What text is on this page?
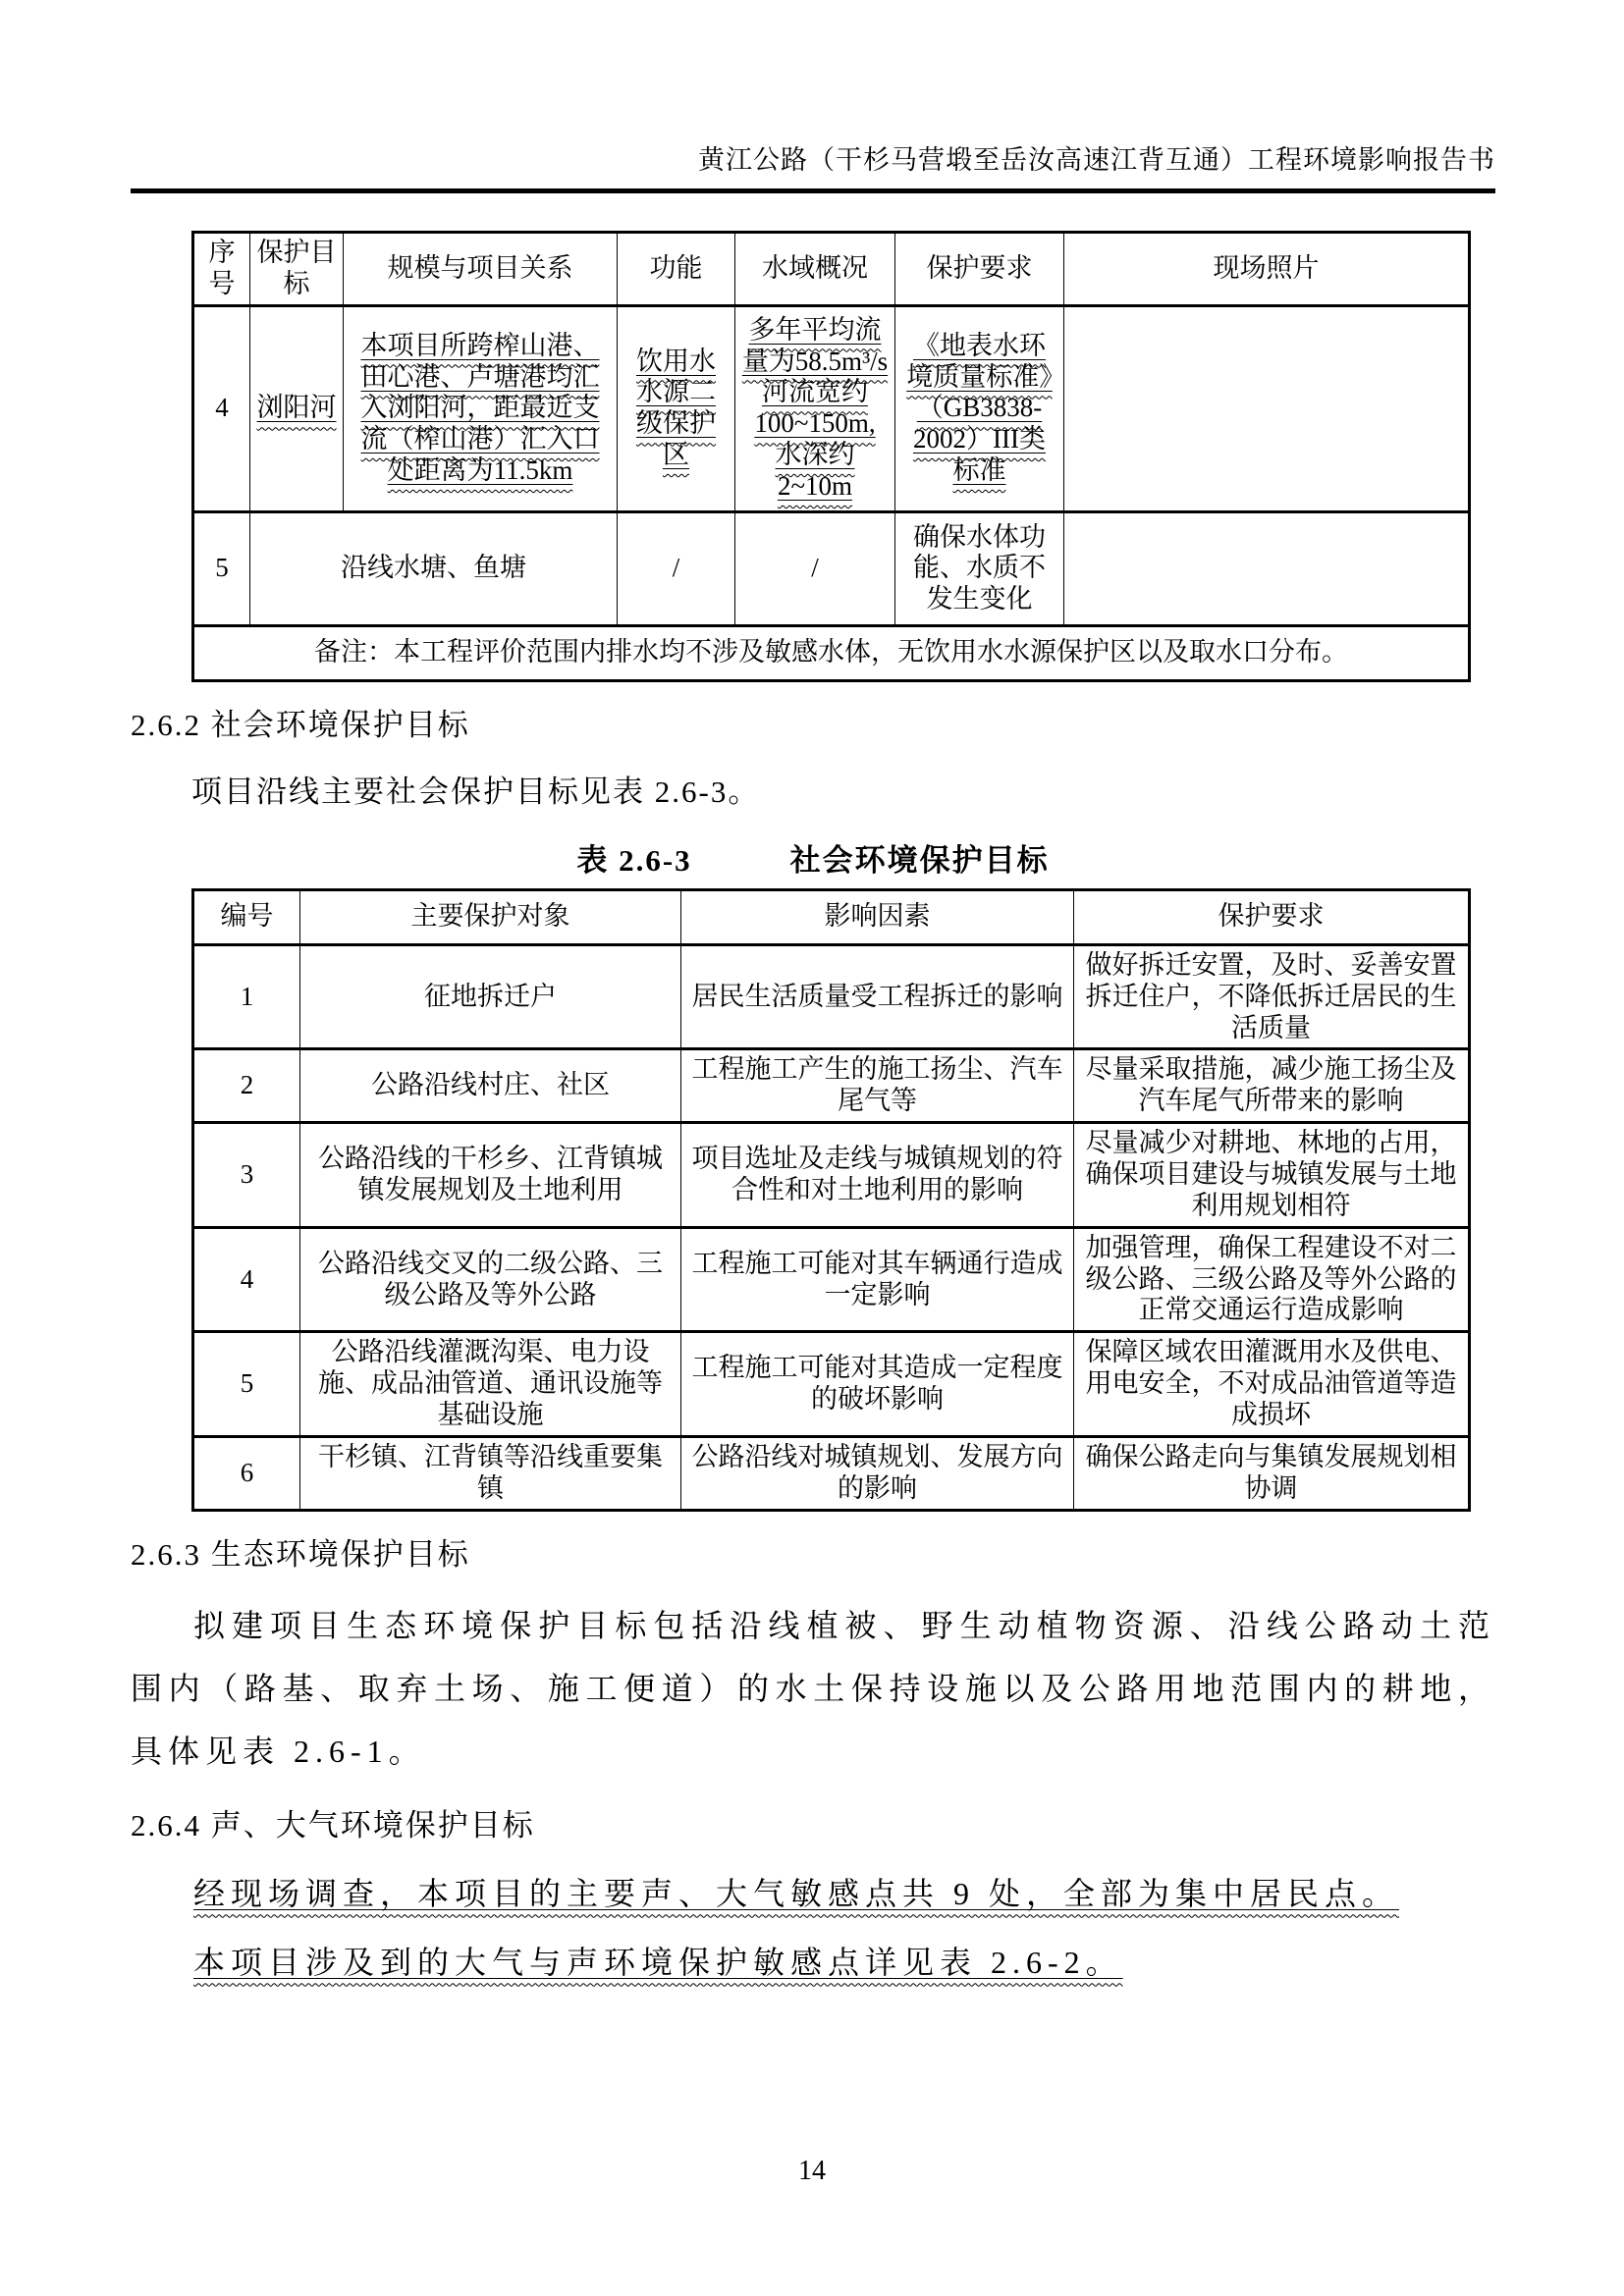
黄江公路（干杉马营塅至岳汝高速江背互通）工程环境影响报告书
序号	保护目标	规模与项目关系	功能	水域概况	保护要求	现场照片
4	浏阳河	本项目所跨榨山港、田心港、卢塘港均汇入浏阳河，距最近支流（榨山港）汇入口处距离为11.5km	饮用水水源二级保护区	多年平均流量为58.5m³/s河流宽约100~150m,水深约2~10m	《地表水环境质量标准》（GB3838-2002）III类标准	
5	沿线水塘、鱼塘		/	/	确保水体功能、水质不发生变化	
备注：本工程评价范围内排水均不涉及敏感水体，无饮用水水源保护区以及取水口分布。						
2.6.2 社会环境保护目标
项目沿线主要社会保护目标见表 2.6-3。
表 2.6-3	社会环境保护目标
编号	主要保护对象	影响因素	保护要求
1	征地拆迁户	居民生活质量受工程拆迁的影响	做好拆迁安置，及时、妥善安置拆迁住户，不降低拆迁居民的生活质量
2	公路沿线村庄、社区	工程施工产生的施工扬尘、汽车尾气等	尽量采取措施，减少施工扬尘及汽车尾气所带来的影响
3	公路沿线的干杉乡、江背镇城镇发展规划及土地利用	项目选址及走线与城镇规划的符合性和对土地利用的影响	尽量减少对耕地、林地的占用，确保项目建设与城镇发展与土地利用规划相符
4	公路沿线交叉的二级公路、三级公路及等外公路	工程施工可能对其车辆通行造成一定影响	加强管理，确保工程建设不对二级公路、三级公路及等外公路的正常交通运行造成影响
5	公路沿线灌溉沟渠、电力设施、成品油管道、通讯设施等基础设施	工程施工可能对其造成一定程度的破坏影响	保障区域农田灌溉用水及供电、用电安全，不对成品油管道等造成损坏
6	干杉镇、江背镇等沿线重要集镇	公路沿线对城镇规划、发展方向的影响	确保公路走向与集镇发展规划相协调
2.6.3 生态环境保护目标
拟建项目生态环境保护目标包括沿线植被、野生动植物资源、沿线公路动土范围内（路基、取弃土场、施工便道）的水土保持设施以及公路用地范围内的耕地，具体见表 2.6-1。
2.6.4 声、大气环境保护目标
经现场调查，本项目的主要声、大气敏感点共 9 处，全部为集中居民点。
本项目涉及到的大气与声环境保护敏感点详见表 2.6-2。
14
